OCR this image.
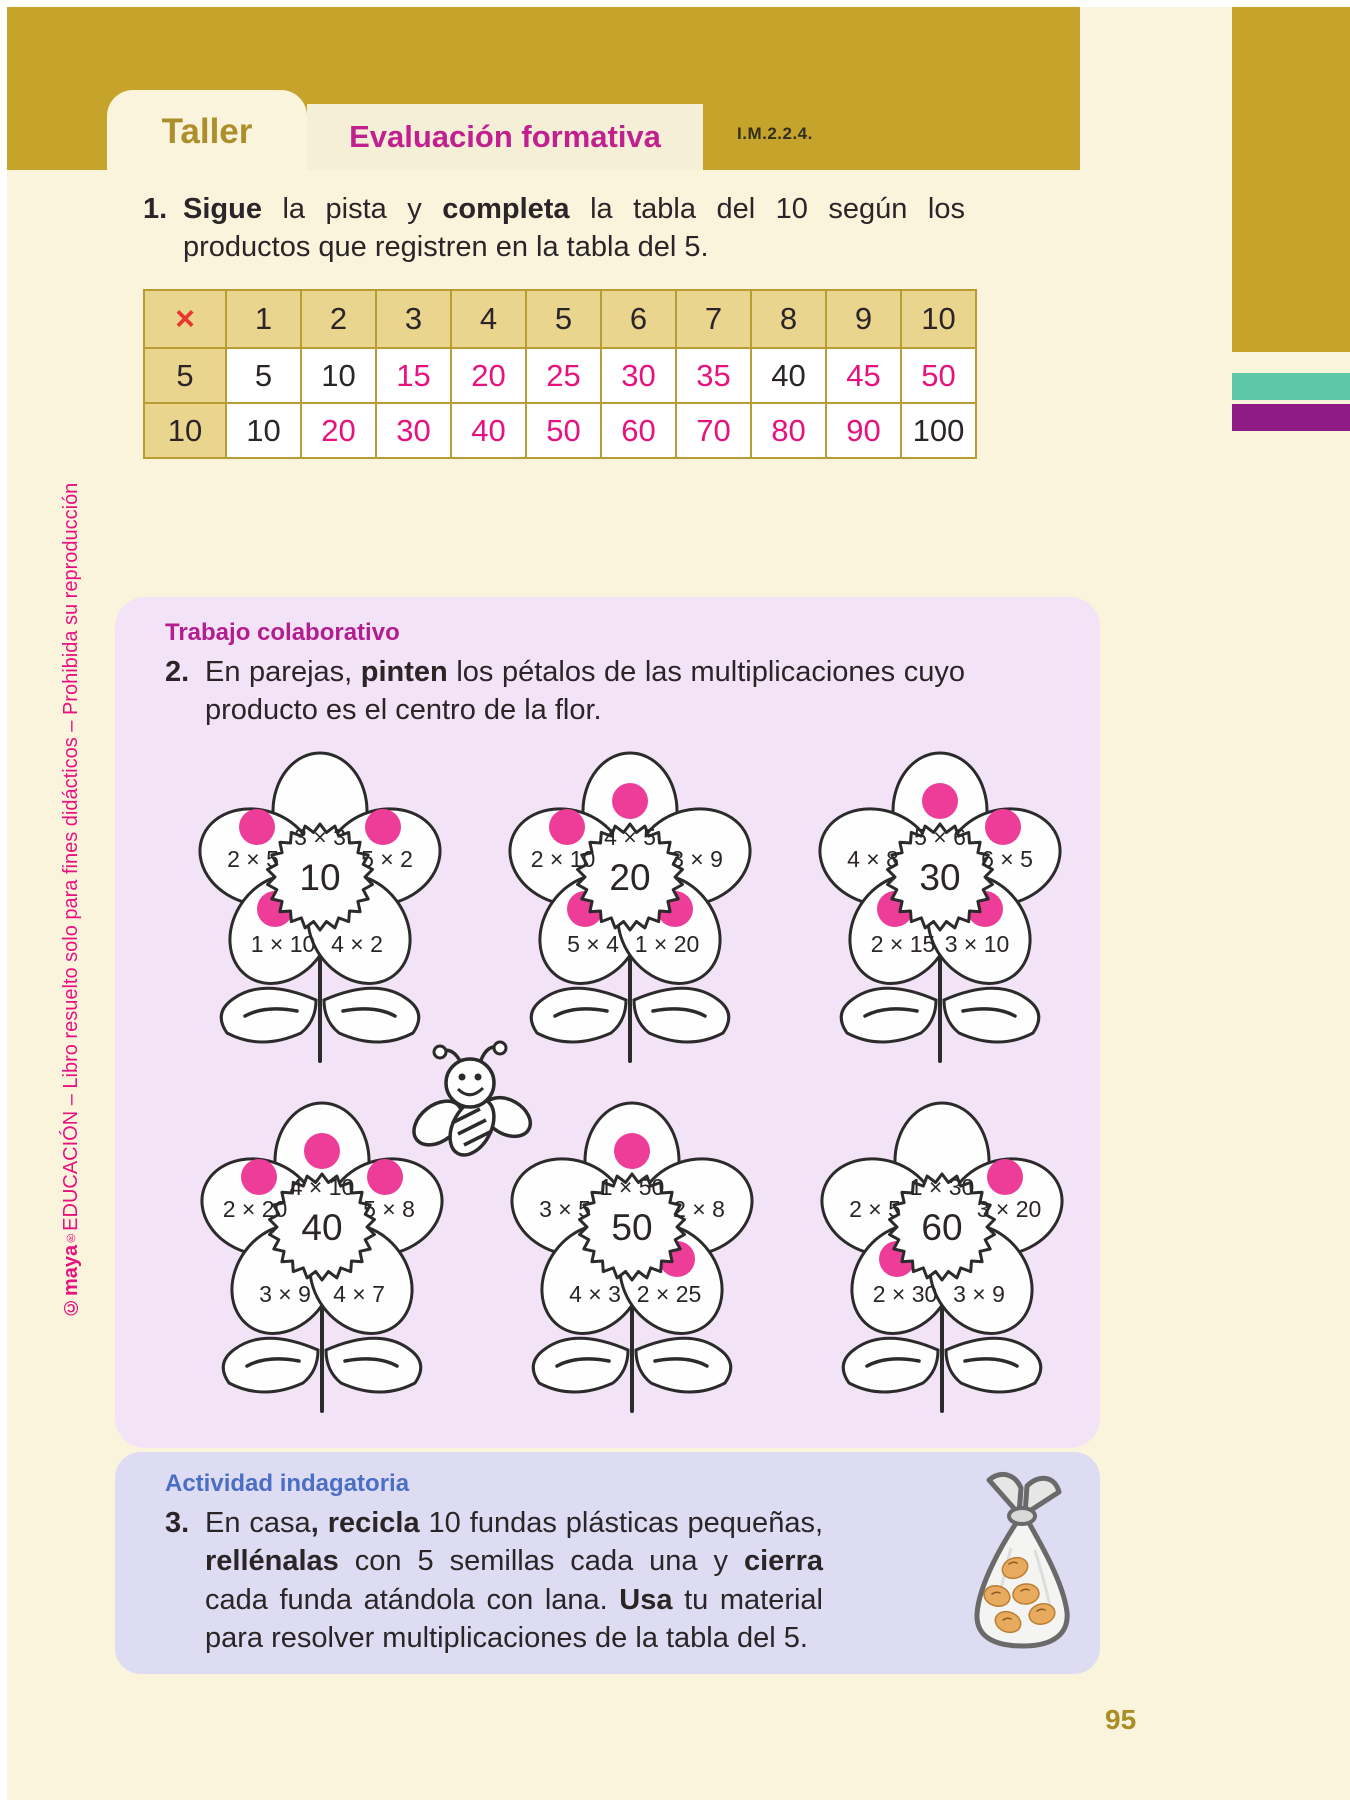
Taller	Evaluación formativa	I.M.2.2.4.
©maya®EDUCACIÓN – Libro resuelto solo para fines didácticos – Prohibida su reproducción
1. Sigue la pista y completa la tabla del 10 según los productos que registren en la tabla del 5.
×	1	2	3	4	5	6	7	8	9	10
5	5	10	15	20	25	30	35	40	45	50
10	10	20	30	40	50	60	70	80	90	100
Trabajo colaborativo
2. En parejas, pinten los pétalos de las multiplicaciones cuyo producto es el centro de la flor.
10
3 × 3
2 × 5	5 × 2
1 × 10 4 × 2
20
4 × 5
2 × 10	3 × 9
5 × 4 1 × 20
30
5 × 6
4 × 8	6 × 5
2 × 15 3 × 10
40
4 × 10
2 × 20	5 × 8
3 × 9 4 × 7
50
1 × 50
3 × 5	2 × 8
4 × 3 2 × 25
60
1 × 30
2 × 5	3 × 20
2 × 30 3 × 9
Actividad indagatoria
3. En casa, recicla 10 fundas plásticas pequeñas, rellénalas con 5 semillas cada una y cierra cada funda atándola con lana. Usa tu material para resolver multiplicaciones de la tabla del 5.
95
